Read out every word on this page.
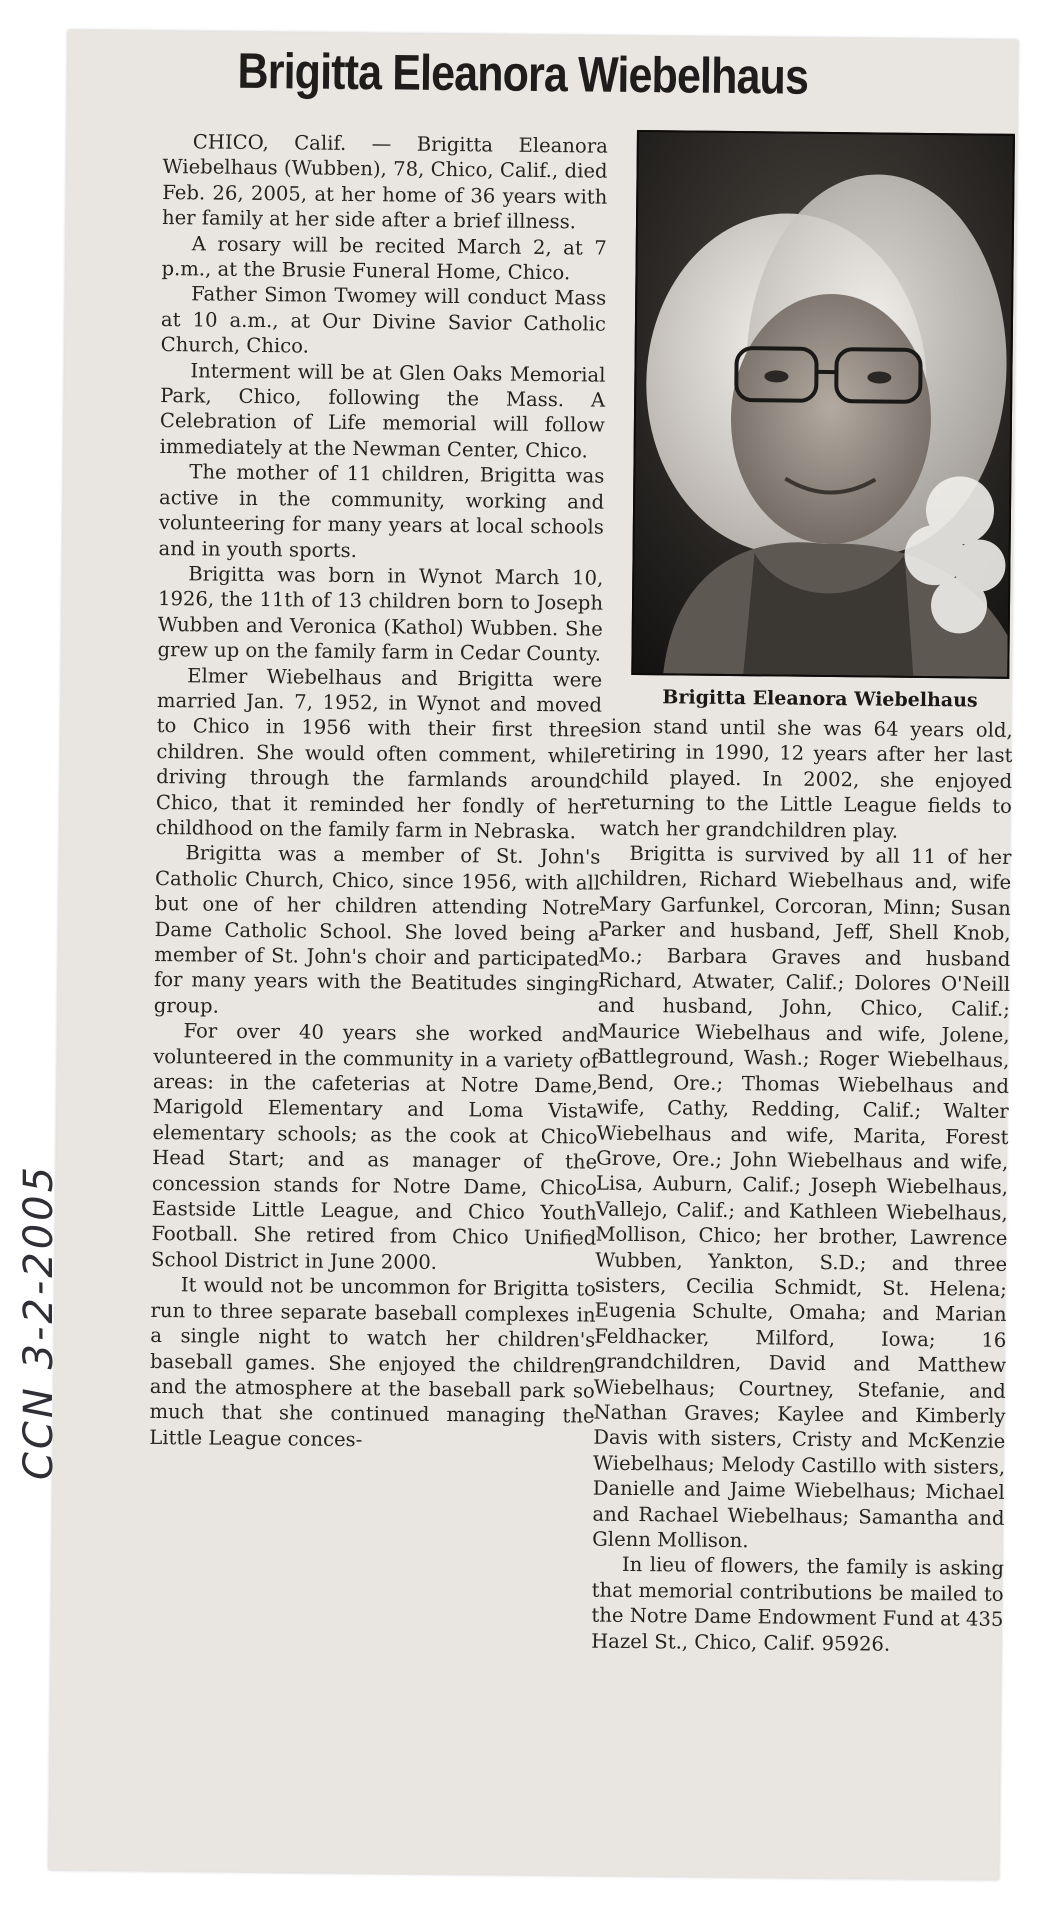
Brigitta Eleanora Wiebelhaus

CHICO, Calif. — Brigitta Eleanora Wiebelhaus (Wubben), 78, Chico, Calif., died Feb. 26, 2005, at her home of 36 years with her family at her side after a brief illness.

A rosary will be recited March 2, at 7 p.m., at the Brusie Funeral Home, Chico.

Father Simon Twomey will conduct Mass at 10 a.m., at Our Divine Savior Catholic Church, Chico.

Interment will be at Glen Oaks Memorial Park, Chico, following the Mass. A Celebration of Life memorial will follow immediately at the Newman Center, Chico.

The mother of 11 children, Brigitta was active in the community, working and volunteering for many years at local schools and in youth sports.

Brigitta was born in Wynot March 10, 1926, the 11th of 13 children born to Joseph Wubben and Veronica (Kathol) Wubben. She grew up on the family farm in Cedar County.

Elmer Wiebelhaus and Brigitta were married Jan. 7, 1952, in Wynot and moved to Chico in 1956 with their first three children. She would often comment, while driving through the farmlands around Chico, that it reminded her fondly of her childhood on the family farm in Nebraska.

Brigitta was a member of St. John's Catholic Church, Chico, since 1956, with all but one of her children attending Notre Dame Catholic School. She loved being a member of St. John's choir and participated for many years with the Beatitudes singing group.

For over 40 years she worked and volunteered in the community in a variety of areas: in the cafeterias at Notre Dame, Marigold Elementary and Loma Vista elementary schools; as the cook at Chico Head Start; and as manager of the concession stands for Notre Dame, Chico Eastside Little League, and Chico Youth Football. She retired from Chico Unified School District in June 2000.

It would not be uncommon for Brigitta to run to three separate baseball complexes in a single night to watch her children's baseball games. She enjoyed the children and the atmosphere at the baseball park so much that she continued managing the Little League conces-

Brigitta Eleanora Wiebelhaus

sion stand until she was 64 years old, retiring in 1990, 12 years after her last child played. In 2002, she enjoyed returning to the Little League fields to watch her grandchildren play.

Brigitta is survived by all 11 of her children, Richard Wiebelhaus and, wife Mary Garfunkel, Corcoran, Minn; Susan Parker and husband, Jeff, Shell Knob, Mo.; Barbara Graves and husband Richard, Atwater, Calif.; Dolores O'Neill and husband, John, Chico, Calif.; Maurice Wiebelhaus and wife, Jolene, Battleground, Wash.; Roger Wiebelhaus, Bend, Ore.; Thomas Wiebelhaus and wife, Cathy, Redding, Calif.; Walter Wiebelhaus and wife, Marita, Forest Grove, Ore.; John Wiebelhaus and wife, Lisa, Auburn, Calif.; Joseph Wiebelhaus, Vallejo, Calif.; and Kathleen Wiebelhaus, Mollison, Chico; her brother, Lawrence Wubben, Yankton, S.D.; and three sisters, Cecilia Schmidt, St. Helena; Eugenia Schulte, Omaha; and Marian Feldhacker, Milford, Iowa; 16 grandchildren, David and Matthew Wiebelhaus; Courtney, Stefanie, and Nathan Graves; Kaylee and Kimberly Davis with sisters, Cristy and McKenzie Wiebelhaus; Melody Castillo with sisters, Danielle and Jaime Wiebelhaus; Michael and Rachael Wiebelhaus; Samantha and Glenn Mollison.

In lieu of flowers, the family is asking that memorial contributions be mailed to the Notre Dame Endowment Fund at 435 Hazel St., Chico, Calif. 95926.

CCN 3-2-2005
